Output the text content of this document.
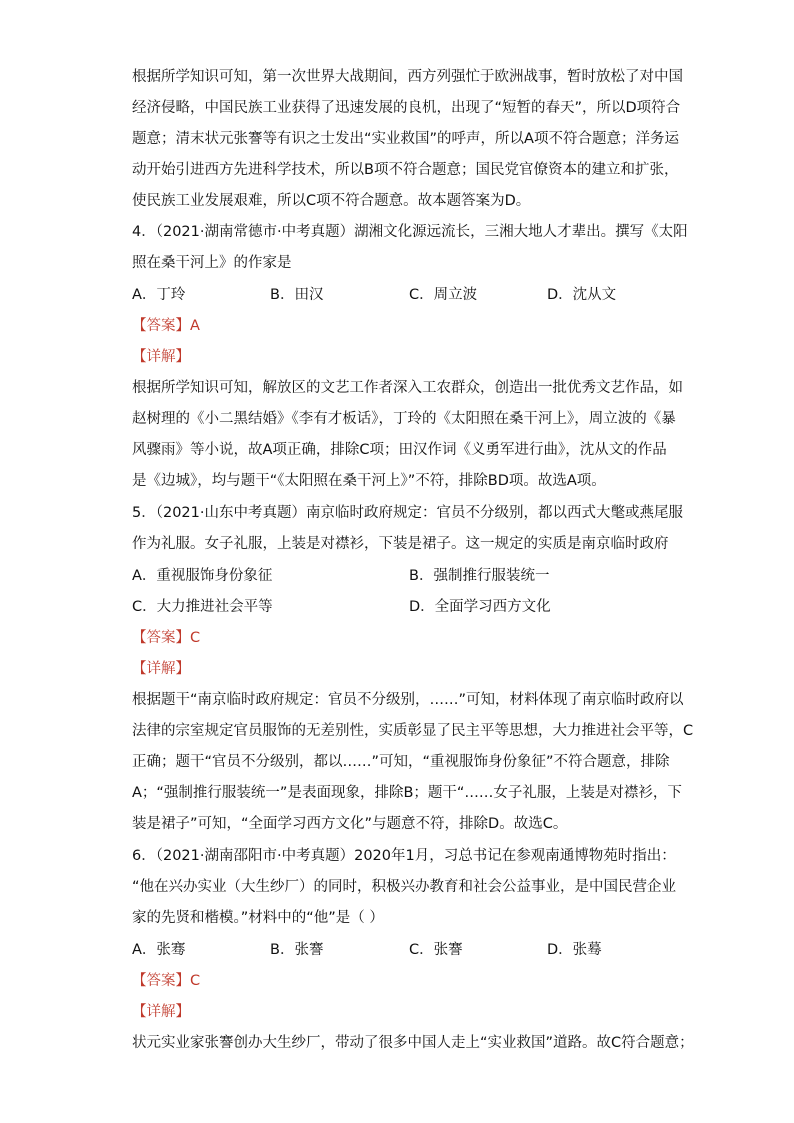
根据所学知识可知，第一次世界大战期间，西方列强忙于欧洲战事，暂时放松了对中国
经济侵略，中国民族工业获得了迅速发展的良机，出现了“短暂的春天”，所以D项符合
题意；清末状元张謇等有识之士发出“实业救国”的呼声，所以A项不符合题意；洋务运
动开始引进西方先进科学技术，所以B项不符合题意；国民党官僚资本的建立和扩张，
使民族工业发展艰难，所以C项不符合题意。故本题答案为D。
4．（2021·湖南常德市·中考真题）湖湘文化源远流长，三湘大地人才辈出。撰写《太阳
照在桑干河上》的作家是
A．丁玲	B．田汉	C．周立波	D．沈从文
【答案】A
【详解】
根据所学知识可知，解放区的文艺工作者深入工农群众，创造出一批优秀文艺作品，如
赵树理的《小二黑结婚》《李有才板话》，丁玲的《太阳照在桑干河上》，周立波的《暴
风骤雨》等小说，故A项正确，排除C项；田汉作词《义勇军进行曲》，沈从文的作品
是《边城》，均与题干“《太阳照在桑干河上》”不符，排除BD项。故选A项。
5．（2021·山东中考真题）南京临时政府规定：官员不分级别，都以西式大氅或燕尾服
作为礼服。女子礼服，上装是对襟衫，下装是裙子。这一规定的实质是南京临时政府
A．重视服饰身份象征	B．强制推行服装统一
C．大力推进社会平等	D．全面学习西方文化
【答案】C
【详解】
根据题干“南京临时政府规定：官员不分级别，……”可知，材料体现了南京临时政府以
法律的宗室规定官员服饰的无差别性，实质彰显了民主平等思想，大力推进社会平等，C
正确；题干“官员不分级别，都以……”可知，“重视服饰身份象征”不符合题意，排除
A；“强制推行服装统一”是表面现象，排除B；题干“……女子礼服，上装是对襟衫，下
装是裙子”可知，“全面学习西方文化”与题意不符，排除D。故选C。
6．（2021·湖南邵阳市·中考真题）2020年1月，习总书记在参观南通博物苑时指出：
“他在兴办实业（大生纱厂）的同时，积极兴办教育和社会公益事业，是中国民营企业
家的先贤和楷模。”材料中的“他”是（ ）
A．张骞	B．张謇	C．张謇	D．张蓦
【答案】C
【详解】
状元实业家张謇创办大生纱厂，带动了很多中国人走上“实业救国”道路。故C符合题意；
